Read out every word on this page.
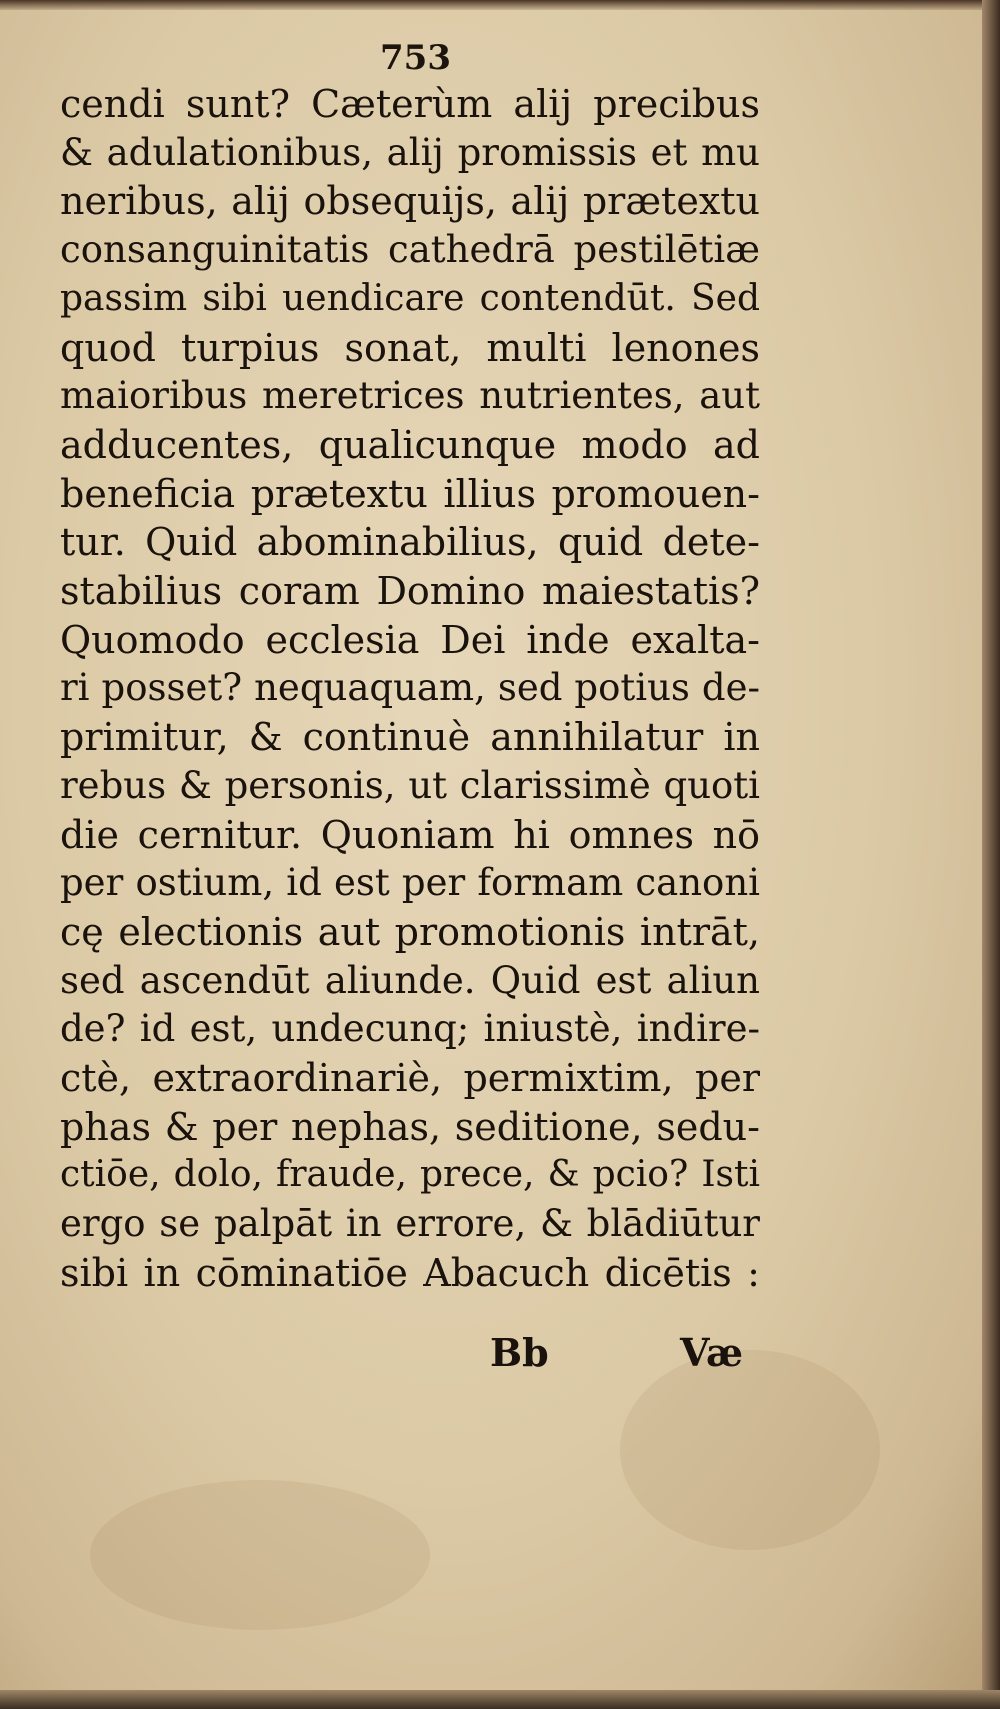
753
cendi sunt? Cæterùm alij precibus
& adulationibus, alij promissis et mu
neribus, alij obsequijs, alij prætextu
consanguinitatis cathedrā pestilētiæ
passim sibi uendicare contendūt. Sed
quod turpius sonat, multi lenones
maioribus meretrices nutrientes, aut
adducentes, qualicunque modo ad
beneficia prætextu illius promouen-
tur. Quid abominabilius, quid dete-
stabilius coram Domino maiestatis?
Quomodo ecclesia Dei inde exalta-
ri posset? nequaquam, sed potius de-
primitur, & continuè annihilatur in
rebus & personis, ut clarissimè quoti
die cernitur. Quoniam hi omnes nō
per ostium, id est per formam canoni
cę electionis aut promotionis intrāt,
sed ascendūt aliunde. Quid est aliun
de? id est, undecunq; iniustè, indire-
ctè, extraordinariè, permixtim, per
phas & per nephas, seditione, sedu-
ctiōe, dolo, fraude, prece, & pcio? Isti
ergo se palpāt in errore, & blādiūtur
sibi in cōminatiōe Abacuch dicētis :
Bb	Væ
